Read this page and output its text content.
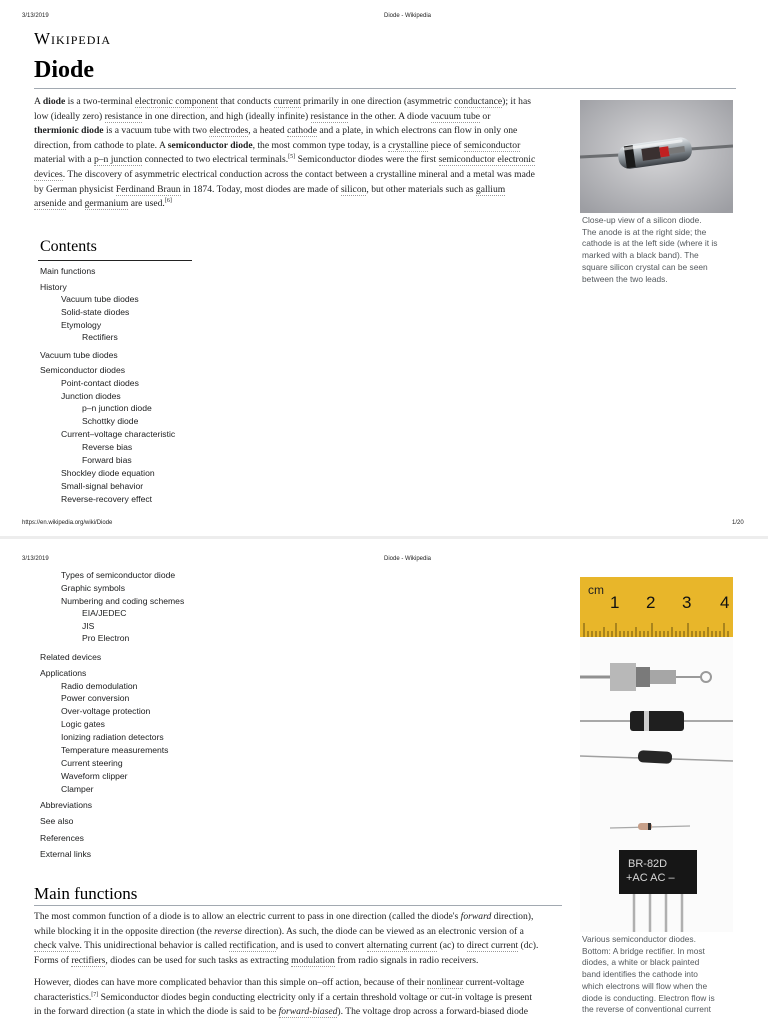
3/13/2019	Diode - Wikipedia
Wikipedia
Diode
A diode is a two-terminal electronic component that conducts current primarily in one direction (asymmetric conductance); it has
low (ideally zero) resistance in one direction, and high (ideally infinite) resistance in the other. A diode vacuum tube or
thermionic diode is a vacuum tube with two electrodes, a heated cathode and a plate, in which electrons can flow in only one
direction, from cathode to plate. A semiconductor diode, the most common type today, is a crystalline piece of semiconductor
material with a p–n junction connected to two electrical terminals.[5] Semiconductor diodes were the first semiconductor electronic
devices. The discovery of asymmetric electrical conduction across the contact between a crystalline mineral and a metal was made
by German physicist Ferdinand Braun in 1874. Today, most diodes are made of silicon, but other materials such as gallium
arsenide and germanium are used.[6]
Close-up view of a silicon diode.
The anode is at the right side; the
cathode is at the left side (where it is
marked with a black band). The
square silicon crystal can be seen
between the two leads.
Contents
Main functions
History
Vacuum tube diodes
Solid-state diodes
Etymology
Rectifiers
Vacuum tube diodes
Semiconductor diodes
Point-contact diodes
Junction diodes
p–n junction diode
Schottky diode
Current–voltage characteristic
Reverse bias
Forward bias
Shockley diode equation
Small-signal behavior
Reverse-recovery effect
https://en.wikipedia.org/wiki/Diode	1/20
3/13/2019	Diode - Wikipedia
Types of semiconductor diode
Graphic symbols
Numbering and coding schemes
EIA/JEDEC
JIS
Pro Electron
Related devices
Applications
Radio demodulation
Power conversion
Over-voltage protection
Logic gates
Ionizing radiation detectors
Temperature measurements
Current steering
Waveform clipper
Clamper
Abbreviations
See also
References
External links
cm
1 2 3 4
BR-82D
+AC AC –
Various semiconductor diodes.
Bottom: A bridge rectifier. In most
diodes, a white or black painted
band identifies the cathode into
which electrons will flow when the
diode is conducting. Electron flow is
the reverse of conventional current
Main functions
The most common function of a diode is to allow an electric current to pass in one direction (called the diode's forward direction),
while blocking it in the opposite direction (the reverse direction). As such, the diode can be viewed as an electronic version of a
check valve. This unidirectional behavior is called rectification, and is used to convert alternating current (ac) to direct current (dc).
Forms of rectifiers, diodes can be used for such tasks as extracting modulation from radio signals in radio receivers.
However, diodes can have more complicated behavior than this simple on–off action, because of their nonlinear current-voltage
characteristics.[7] Semiconductor diodes begin conducting electricity only if a certain threshold voltage or cut-in voltage is present
in the forward direction (a state in which the diode is said to be forward-biased). The voltage drop across a forward-biased diode
